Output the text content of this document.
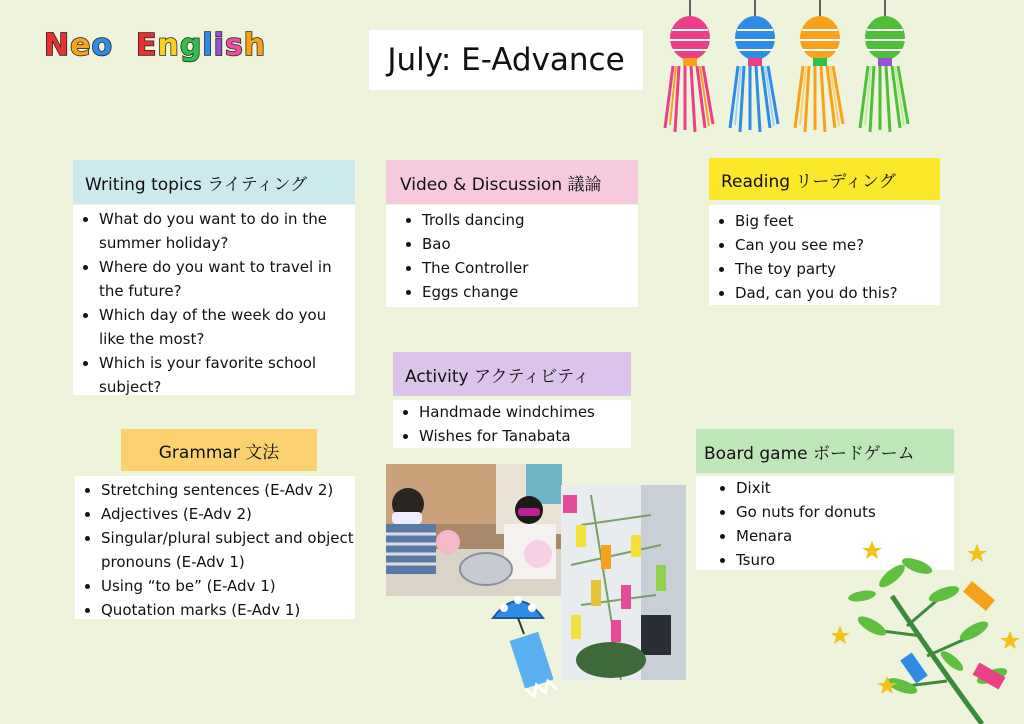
Neo English	July: E-Advance
Writing topics ライティング
• What do you want to do in the summer holiday?
• Where do you want to travel in the future?
• Which day of the week do you like the most?
• Which is your favorite school subject?
Video & Discussion 議論
• Trolls dancing
• Bao
• The Controller
• Eggs change
Reading リーディング
• Big feet
• Can you see me?
• The toy party
• Dad, can you do this?
Activity アクティビティ
• Handmade windchimes
• Wishes for Tanabata
Grammar 文法
• Stretching sentences (E-Adv 2)
• Adjectives (E-Adv 2)
• Singular/plural subject and object pronouns (E-Adv 1)
• Using “to be” (E-Adv 1)
• Quotation marks (E-Adv 1)
Board game ボードゲーム
• Dixit
• Go nuts for donuts
• Menara
• Tsuro
